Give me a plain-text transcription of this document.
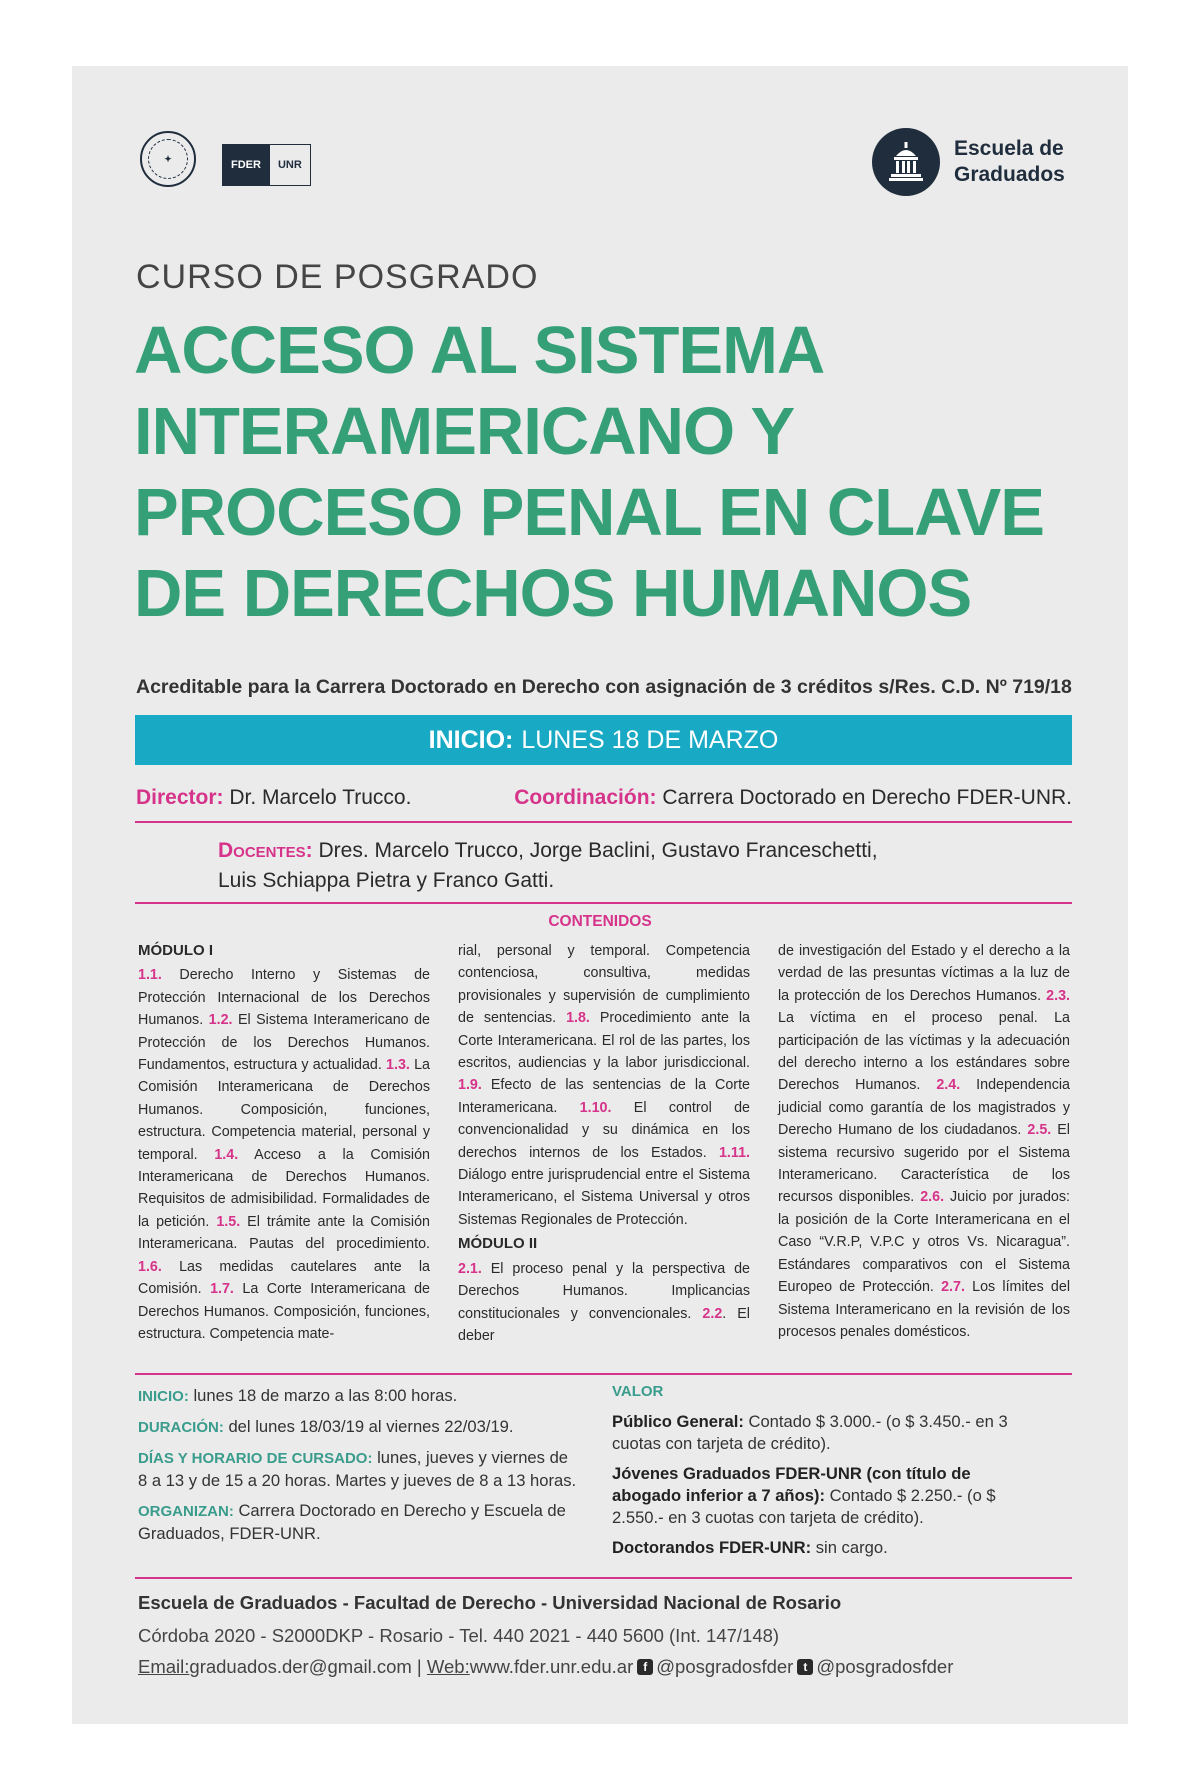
✦
FDER	UNR
Escuela de
Graduados
CURSO DE POSGRADO
ACCESO AL SISTEMA
INTERAMERICANO Y
PROCESO PENAL EN CLAVE
DE DERECHOS HUMANOS
Acreditable para la Carrera Doctorado en Derecho con asignación de 3 créditos s/Res. C.D. Nº 719/18
INICIO: LUNES 18 DE MARZO
Director: Dr. Marcelo Trucco.	Coordinación: Carrera Doctorado en Derecho FDER-UNR.
Docentes: Dres. Marcelo Trucco, Jorge Baclini, Gustavo Franceschetti,
Luis Schiappa Pietra y Franco Gatti.
CONTENIDOS
MÓDULO I
1.1. Derecho Interno y Sistemas de Protección Internacional de los Derechos Humanos. 1.2. El Sistema Interamericano de Protección de los Derechos Humanos. Fundamentos, estructura y actualidad. 1.3. La Comisión Interamericana de Derechos Humanos. Composición, funciones, estructura. Competencia material, personal y temporal. 1.4. Acceso a la Comisión Interamericana de Derechos Humanos. Requisitos de admisibilidad. Formalidades de la petición. 1.5. El trámite ante la Comisión Interamericana. Pautas del procedimiento. 1.6. Las medidas cautelares ante la Comisión. 1.7. La Corte Interamericana de Derechos Humanos. Composición, funciones, estructura. Competencia mate-
rial, personal y temporal. Competencia contenciosa, consultiva, medidas provisionales y supervisión de cumplimiento de sentencias. 1.8. Procedimiento ante la Corte Interamericana. El rol de las partes, los escritos, audiencias y la labor jurisdiccional. 1.9. Efecto de las sentencias de la Corte Interamericana. 1.10. El control de convencionalidad y su dinámica en los derechos internos de los Estados. 1.11. Diálogo entre jurisprudencial entre el Sistema Interamericano, el Sistema Universal y otros Sistemas Regionales de Protección.
MÓDULO II
2.1. El proceso penal y la perspectiva de Derechos Humanos. Implicancias constitucionales y convencionales. 2.2. El deber
de investigación del Estado y el derecho a la verdad de las presuntas víctimas a la luz de la protección de los Derechos Humanos. 2.3. La víctima en el proceso penal. La participación de las víctimas y la adecuación del derecho interno a los estándares sobre Derechos Humanos. 2.4. Independencia judicial como garantía de los magistrados y Derecho Humano de los ciudadanos. 2.5. El sistema recursivo sugerido por el Sistema Interamericano. Característica de los recursos disponibles. 2.6. Juicio por jurados: la posición de la Corte Interamericana en el Caso “V.R.P, V.P.C y otros Vs. Nicaragua”. Estándares comparativos con el Sistema Europeo de Protección. 2.7. Los límites del Sistema Interamericano en la revisión de los procesos penales domésticos.
INICIO: lunes 18 de marzo a las 8:00 horas.
DURACIÓN: del lunes 18/03/19 al viernes 22/03/19.
DÍAS Y HORARIO DE CURSADO: lunes, jueves y viernes de 8 a 13 y de 15 a 20 horas. Martes y jueves de 8 a 13 horas.
ORGANIZAN: Carrera Doctorado en Derecho y Escuela de Graduados, FDER-UNR.
VALOR
Público General: Contado $ 3.000.- (o $ 3.450.- en 3 cuotas con tarjeta de crédito).
Jóvenes Graduados FDER-UNR (con título de abogado inferior a 7 años): Contado $ 2.250.- (o $ 2.550.- en 3 cuotas con tarjeta de crédito).
Doctorandos FDER-UNR: sin cargo.
Escuela de Graduados - Facultad de Derecho - Universidad Nacional de Rosario
Córdoba 2020 - S2000DKP - Rosario - Tel. 440 2021 - 440 5600 (Int. 147/148)
Email: graduados.der@gmail.com |
Web: www.fder.unr.edu.ar f @posgradosfder t @posgradosfder
